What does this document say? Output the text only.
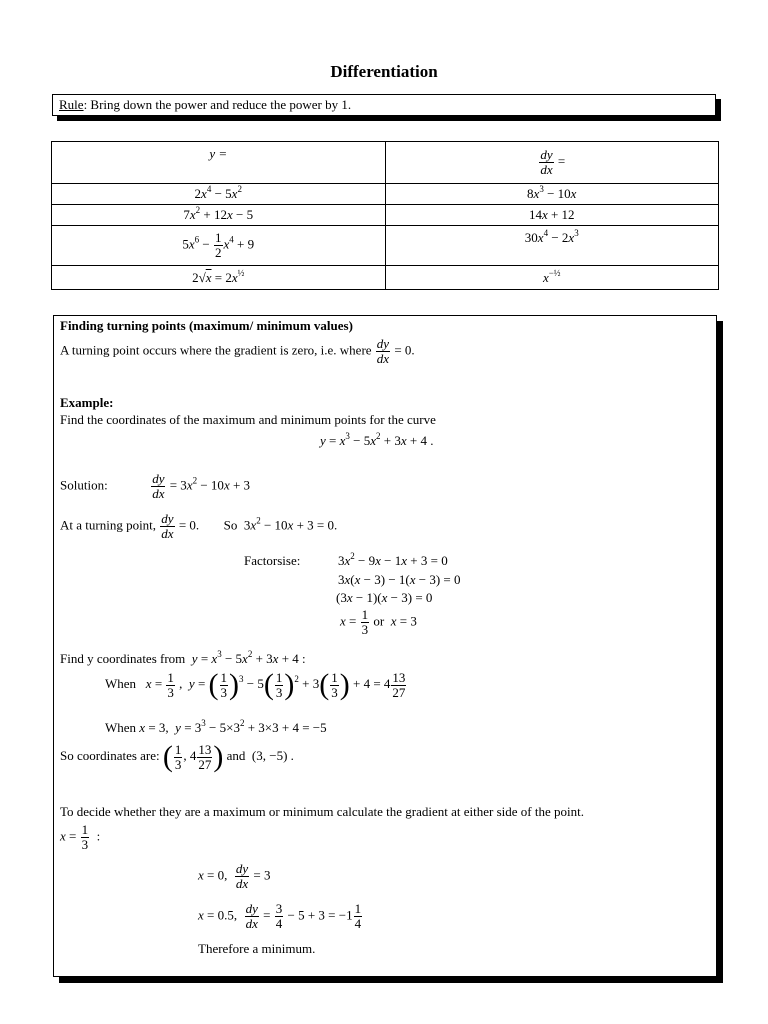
Differentiation
Rule: Bring down the power and reduce the power by 1.
y =	$\frac{dy}{dx}$ =
$2x^4 - 5x^2$	$8x^3 - 10x$
$7x^2 + 12x - 5$	14x + 12
$5x^6 - \frac{1}{2} x^4 + 9$	$30x^4 - 2x^3$
$2√x = 2x^{\frac{1}{2}}$	$x^{-\frac{1}{2}}$
Finding turning points (maximum/ minimum values)
A turning point occurs where the gradient is zero, i.e. where $\frac{dy}{dx} = 0$.
Example:
Find the coordinates of the maximum and minimum points for the curve
$y = x^3 - 5x^2 + 3x + 4$ .
Solution:	$\frac{dy}{dx} = 3x^2 - 10x + 3$
At a turning point, $\frac{dy}{dx} = 0$.  So  $3x^2 - 10x + 3 = 0$.
Factorsise:	$3x^2 - 9x - 1x + 3 = 0$
3x(x − 3) − 1(x − 3) = 0
(3x − 1)(x − 3) = 0
$x = \frac{1}{3}$ or  x = 3
Find y coordinates from  $y = x^3 - 5x^2 + 3x + 4$ :
When   $x = \frac{1}{3}$ ,  y = ( $\frac{1}{3} )^3 - 5( \frac{1}{3} )^2 + 3( \frac{1}{3}$ ) + $4 = 4 \frac{13}{27}$
When x = 3,  $y = 3^3 - 5\times 3^2 + 3\times 3 + 4 = -5$
So coordinates are: ( $\frac{1}{3}$ , $4 \frac{13}{27}$ ) and  (3, −5) .
To decide whether they are a maximum or minimum calculate the gradient at either side of the point.
$x = \frac{1}{3}$ :
x = 0, $\frac{dy}{dx} = 3$
x = 0.5, $\frac{dy}{dx} = \frac{3}{4} - 5 + 3 = -1 \frac{1}{4}$
Therefore a minimum.
